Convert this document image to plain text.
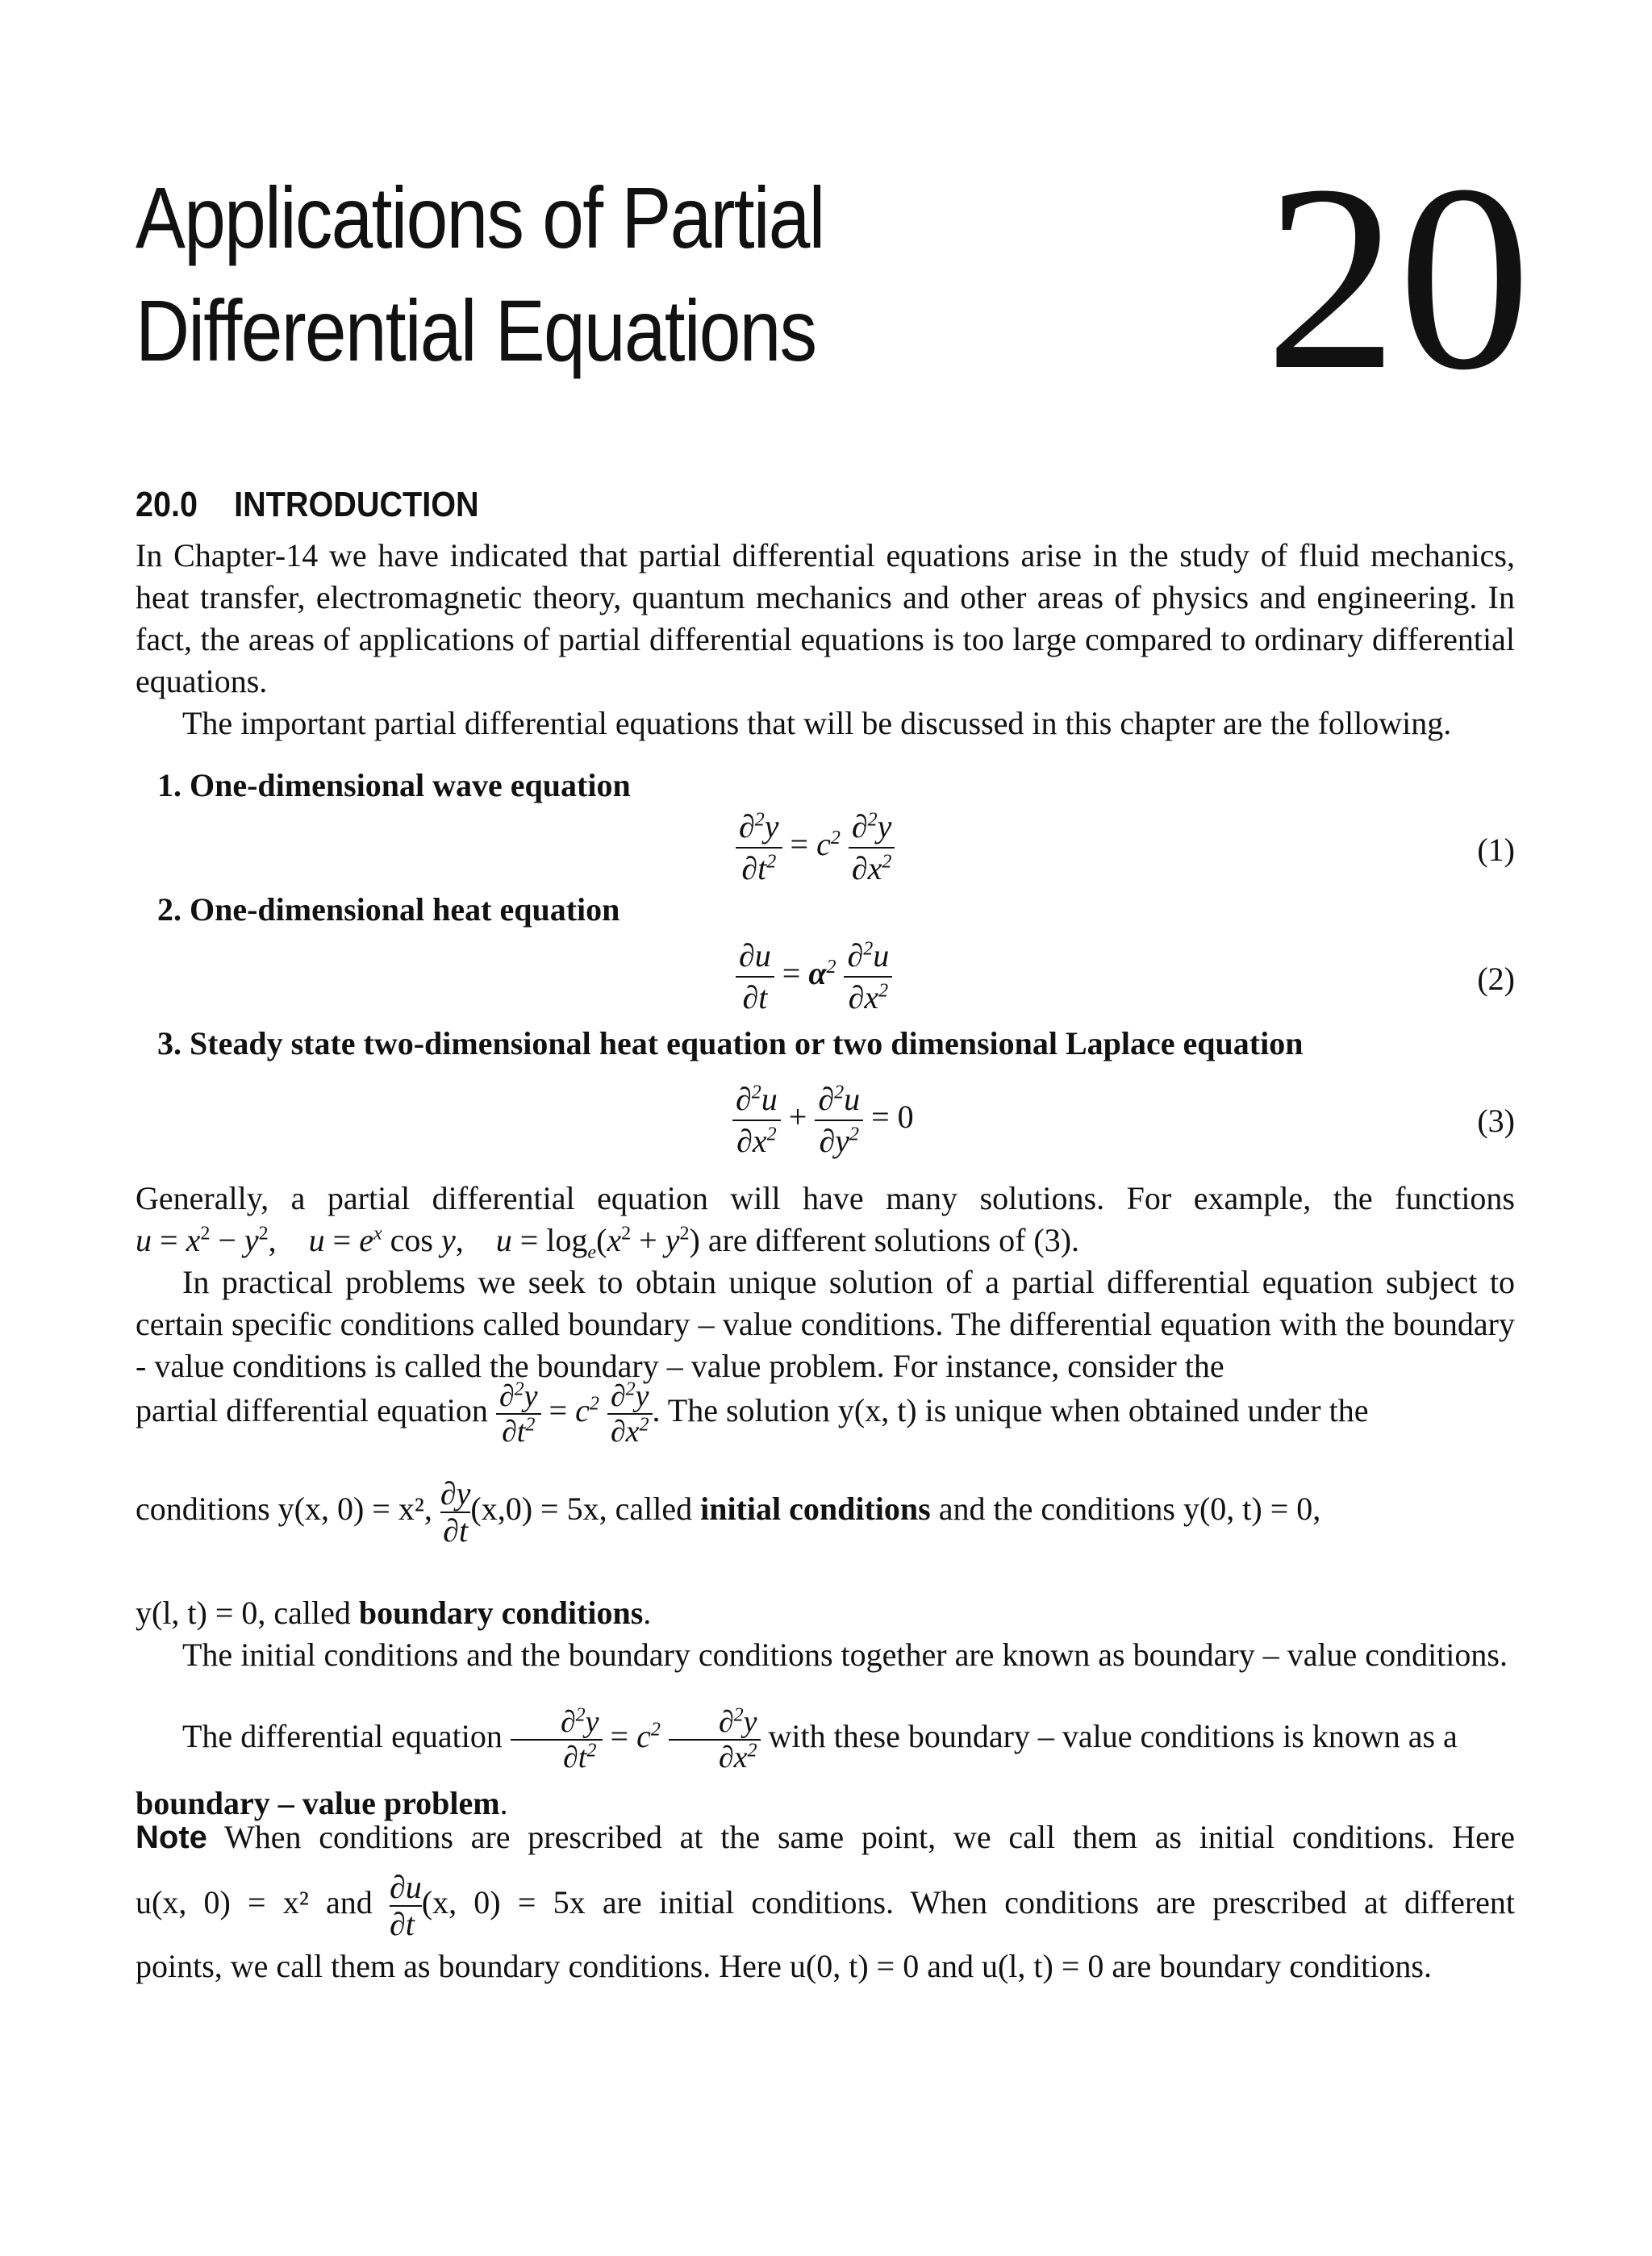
Applications of Partial
Differential Equations 20
20.0 INTRODUCTION
In Chapter-14 we have indicated that partial differential equations arise in the study of fluid mechanics, heat transfer, electromagnetic theory, quantum mechanics and other areas of physics and engineering. In fact, the areas of applications of partial differential equations is too large compared to ordinary differential equations.
The important partial differential equations that will be discussed in this chapter are the following.
1. One-dimensional wave equation
$\frac{\partial^2y}{\partial t^2} = c^2 \frac{\partial^2y}{\partial x^2}$	(1)
2. One-dimensional heat equation
$\frac{\partial u}{\partial t} = \alpha^2 \frac{\partial^2u}{\partial x^2}$	(2)
3. Steady state two-dimensional heat equation or two dimensional Laplace equation
$\frac{\partial^2u}{\partial x^2} + \frac{\partial^2u}{\partial y^2} = 0$	(3)
Generally, a partial differential equation will have many solutions. For example, the functions
$u = x^2 - y^2$,    $u = e^x$ cos y,    $u = \log_e(x^2 + y^2)$ are different solutions of (3).
In practical problems we seek to obtain unique solution of a partial differential equation subject to certain specific conditions called boundary – value conditions. The differential equation with the boundary - value conditions is called the boundary – value problem. For instance, consider the
partial differential equation $\frac{\partial^2y}{\partial t^2} = c^2 \frac{\partial^2y}{\partial x^2}$ . The solution y(x, t) is unique when obtained under the
conditions y(x, 0) = x², $\frac{\partial y}{\partial t} (x,0) = 5x$, called initial conditions and the conditions y(0, t) = 0,
y(l, t) = 0, called boundary conditions.
The initial conditions and the boundary conditions together are known as boundary – value conditions.
The differential equation $\frac{\partial^2y}{\partial t^2} = c^2 \frac{\partial^2y}{\partial x^2}$ with these boundary – value conditions is known as a
boundary – value problem.
Note When conditions are prescribed at the same point, we call them as initial conditions. Here
u(x, 0) = x² and $\frac{\partial u}{\partial t} (x$, 0) = 5x are initial conditions. When conditions are prescribed at different
points, we call them as boundary conditions. Here u(0, t) = 0 and u(l, t) = 0 are boundary conditions.
